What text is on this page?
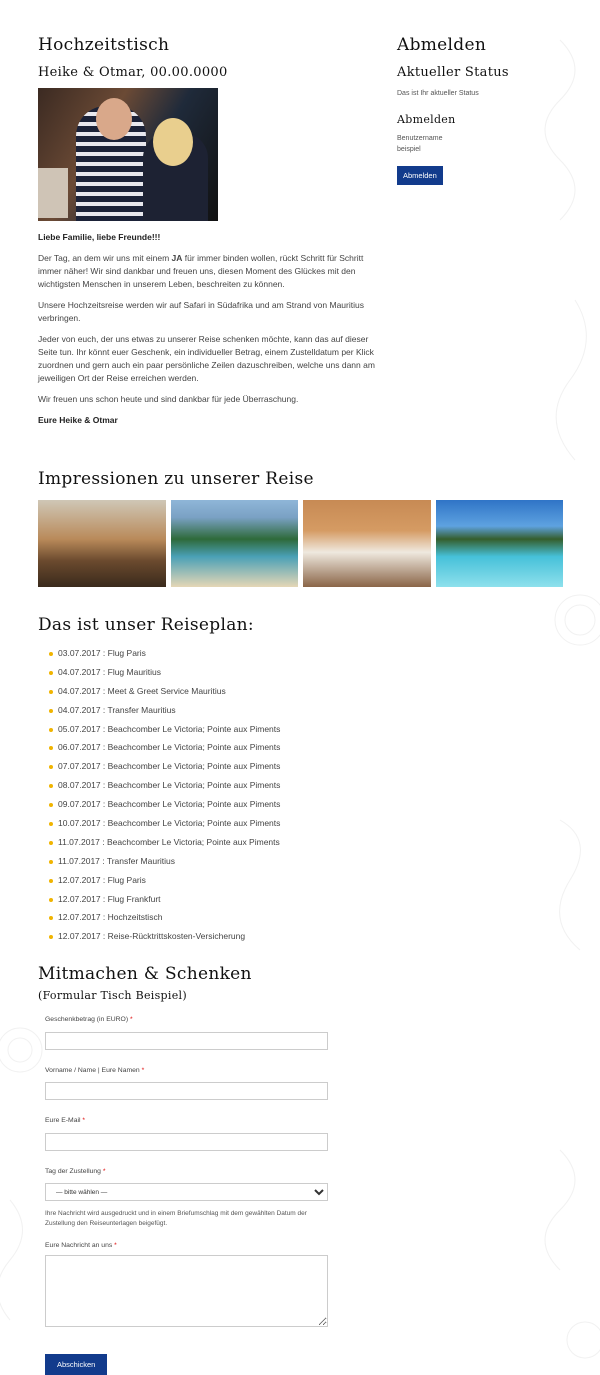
Hochzeitstisch
Heike & Otmar, 00.00.0000

Liebe Familie, liebe Freunde!!!

Der Tag, an dem wir uns mit einem JA für immer binden wollen, rückt Schritt für Schritt immer näher! Wir sind dankbar und freuen uns, diesen Moment des Glückes mit den wichtigsten Menschen in unserem Leben, beschreiten zu können.

Unsere Hochzeitsreise werden wir auf Safari in Südafrika und am Strand von Mauritius verbringen.

Jeder von euch, der uns etwas zu unserer Reise schenken möchte, kann das auf dieser Seite tun. Ihr könnt euer Geschenk, ein individueller Betrag, einem Zustelldatum per Klick zuordnen und gern auch ein paar persönliche Zeilen dazuschreiben, welche uns dann am jeweiligen Ort der Reise erreichen werden.

Wir freuen uns schon heute und sind dankbar für jede Überraschung.

Eure Heike & Otmar

Abmelden
Aktueller Status
Das ist Ihr aktueller Status
Abmelden
Benutzername
beispiel
Abmelden
Impressionen zu unserer Reise
Das ist unser Reiseplan:
03.07.2017 : Flug Paris
04.07.2017 : Flug Mauritius
04.07.2017 : Meet & Greet Service Mauritius
04.07.2017 : Transfer Mauritius
05.07.2017 : Beachcomber Le Victoria; Pointe aux Piments
06.07.2017 : Beachcomber Le Victoria; Pointe aux Piments
07.07.2017 : Beachcomber Le Victoria; Pointe aux Piments
08.07.2017 : Beachcomber Le Victoria; Pointe aux Piments
09.07.2017 : Beachcomber Le Victoria; Pointe aux Piments
10.07.2017 : Beachcomber Le Victoria; Pointe aux Piments
11.07.2017 : Beachcomber Le Victoria; Pointe aux Piments
11.07.2017 : Transfer Mauritius
12.07.2017 : Flug Paris
12.07.2017 : Flug Frankfurt
12.07.2017 : Hochzeitstisch
12.07.2017 : Reise-Rücktrittskosten-Versicherung
Mitmachen & Schenken
(Formular Tisch Beispiel)
Geschenkbetrag (in EURO) *
Vorname / Name | Eure Namen *
Eure E-Mail *
Tag der Zustellung *
— bitte wählen —
Ihre Nachricht wird ausgedruckt und in einem Briefumschlag mit dem gewählten Datum der Zustellung den Reiseunterlagen beigefügt.
Eure Nachricht an uns *
Abschicken
